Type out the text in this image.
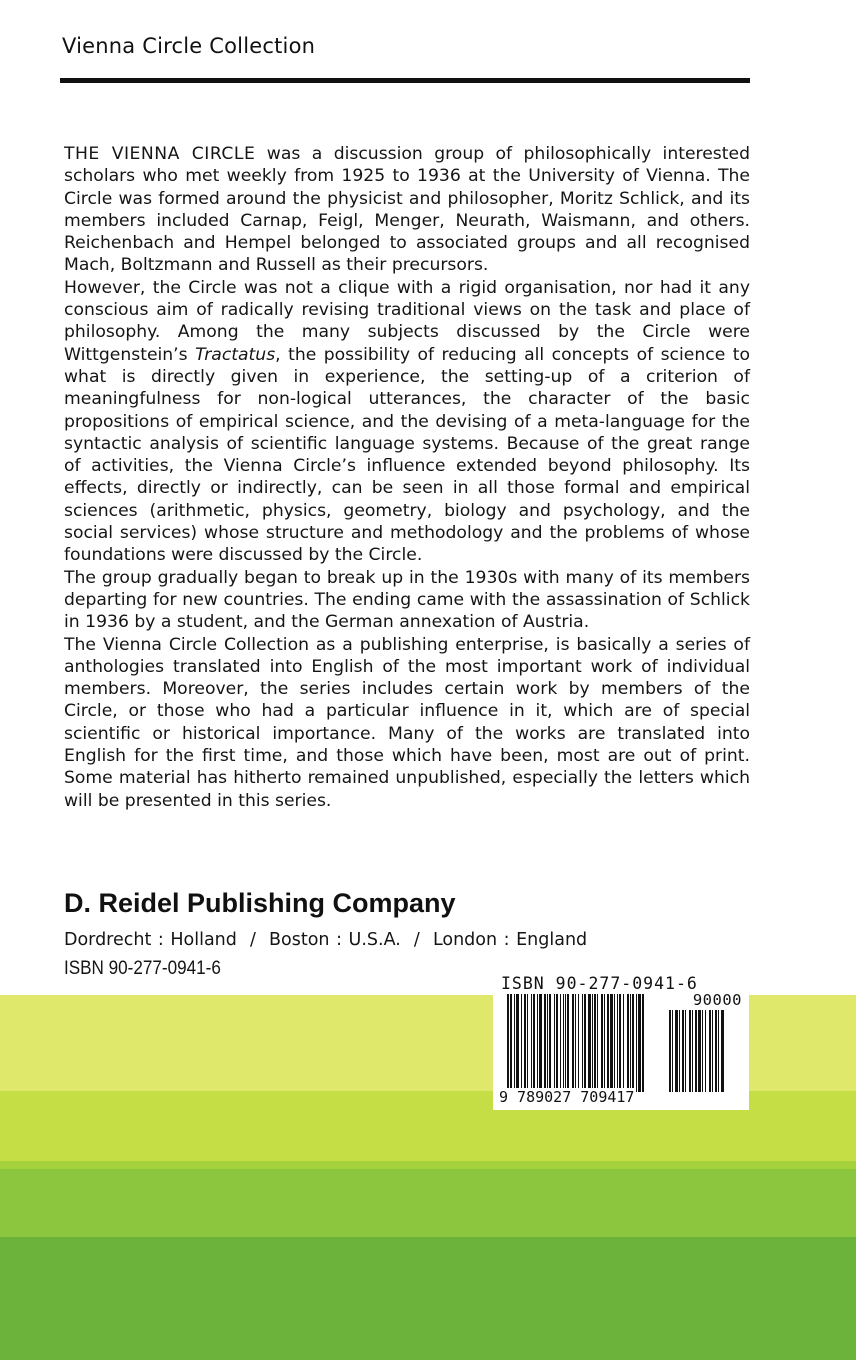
Vienna Circle Collection

THE VIENNA CIRCLE was a discussion group of philosophically interested scholars who met weekly from 1925 to 1936 at the University of Vienna. The Circle was formed around the physicist and philosopher, Moritz Schlick, and its members included Carnap, Feigl, Menger, Neurath, Waismann, and others. Reichenbach and Hempel belonged to associated groups and all recognised Mach, Boltzmann and Russell as their precursors.

However, the Circle was not a clique with a rigid organisation, nor had it any conscious aim of radically revising traditional views on the task and place of philosophy. Among the many subjects discussed by the Circle were Wittgenstein’s Tractatus, the possibility of reducing all concepts of science to what is directly given in experience, the setting-up of a criterion of meaningfulness for non-logical utterances, the character of the basic propositions of empirical science, and the devising of a meta-language for the syntactic analysis of scientific language systems. Because of the great range of activities, the Vienna Circle’s influence extended beyond philosophy. Its effects, directly or indirectly, can be seen in all those formal and empirical sciences (arithmetic, physics, geometry, biology and psychology, and the social services) whose structure and methodology and the problems of whose foundations were discussed by the Circle.

The group gradually began to break up in the 1930s with many of its members departing for new countries. The ending came with the assassination of Schlick in 1936 by a student, and the German annexation of Austria.

The Vienna Circle Collection as a publishing enterprise, is basically a series of anthologies translated into English of the most important work of individual members. Moreover, the series includes certain work by members of the Circle, or those who had a particular influence in it, which are of special scientific or historical importance. Many of the works are translated into English for the first time, and those which have been, most are out of print. Some material has hitherto remained unpublished, especially the letters which will be presented in this series.

D. Reidel Publishing Company
Dordrecht : Holland  /  Boston : U.S.A.  /  London : England
ISBN 90-277-0941-6
ISBN 90-277-0941-6
90000
9 789027 709417
